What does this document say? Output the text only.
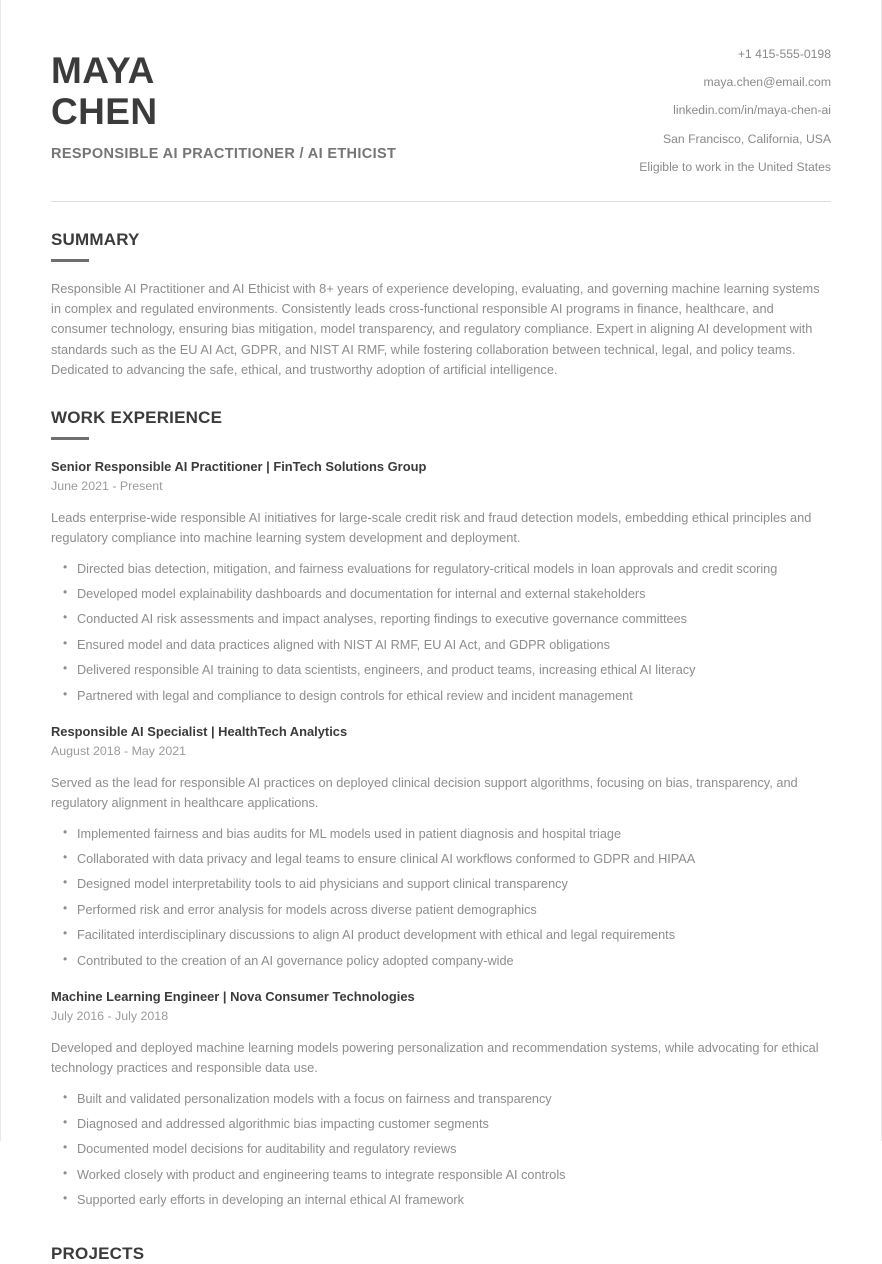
MAYA
CHEN
RESPONSIBLE AI PRACTITIONER / AI ETHICIST
+1 415-555-0198
maya.chen@email.com
linkedin.com/in/maya-chen-ai
San Francisco, California, USA
Eligible to work in the United States
SUMMARY
Responsible AI Practitioner and AI Ethicist with 8+ years of experience developing, evaluating, and governing machine learning systems in complex and regulated environments. Consistently leads cross-functional responsible AI programs in finance, healthcare, and consumer technology, ensuring bias mitigation, model transparency, and regulatory compliance. Expert in aligning AI development with standards such as the EU AI Act, GDPR, and NIST AI RMF, while fostering collaboration between technical, legal, and policy teams. Dedicated to advancing the safe, ethical, and trustworthy adoption of artificial intelligence.
WORK EXPERIENCE
Senior Responsible AI Practitioner | FinTech Solutions Group
June 2021 - Present
Leads enterprise-wide responsible AI initiatives for large-scale credit risk and fraud detection models, embedding ethical principles and regulatory compliance into machine learning system development and deployment.
• Directed bias detection, mitigation, and fairness evaluations for regulatory-critical models in loan approvals and credit scoring
• Developed model explainability dashboards and documentation for internal and external stakeholders
• Conducted AI risk assessments and impact analyses, reporting findings to executive governance committees
• Ensured model and data practices aligned with NIST AI RMF, EU AI Act, and GDPR obligations
• Delivered responsible AI training to data scientists, engineers, and product teams, increasing ethical AI literacy
• Partnered with legal and compliance to design controls for ethical review and incident management
Responsible AI Specialist | HealthTech Analytics
August 2018 - May 2021
Served as the lead for responsible AI practices on deployed clinical decision support algorithms, focusing on bias, transparency, and regulatory alignment in healthcare applications.
• Implemented fairness and bias audits for ML models used in patient diagnosis and hospital triage
• Collaborated with data privacy and legal teams to ensure clinical AI workflows conformed to GDPR and HIPAA
• Designed model interpretability tools to aid physicians and support clinical transparency
• Performed risk and error analysis for models across diverse patient demographics
• Facilitated interdisciplinary discussions to align AI product development with ethical and legal requirements
• Contributed to the creation of an AI governance policy adopted company-wide
Machine Learning Engineer | Nova Consumer Technologies
July 2016 - July 2018
Developed and deployed machine learning models powering personalization and recommendation systems, while advocating for ethical technology practices and responsible data use.
• Built and validated personalization models with a focus on fairness and transparency
• Diagnosed and addressed algorithmic bias impacting customer segments
• Documented model decisions for auditability and regulatory reviews
• Worked closely with product and engineering teams to integrate responsible AI controls
• Supported early efforts in developing an internal ethical AI framework
PROJECTS
